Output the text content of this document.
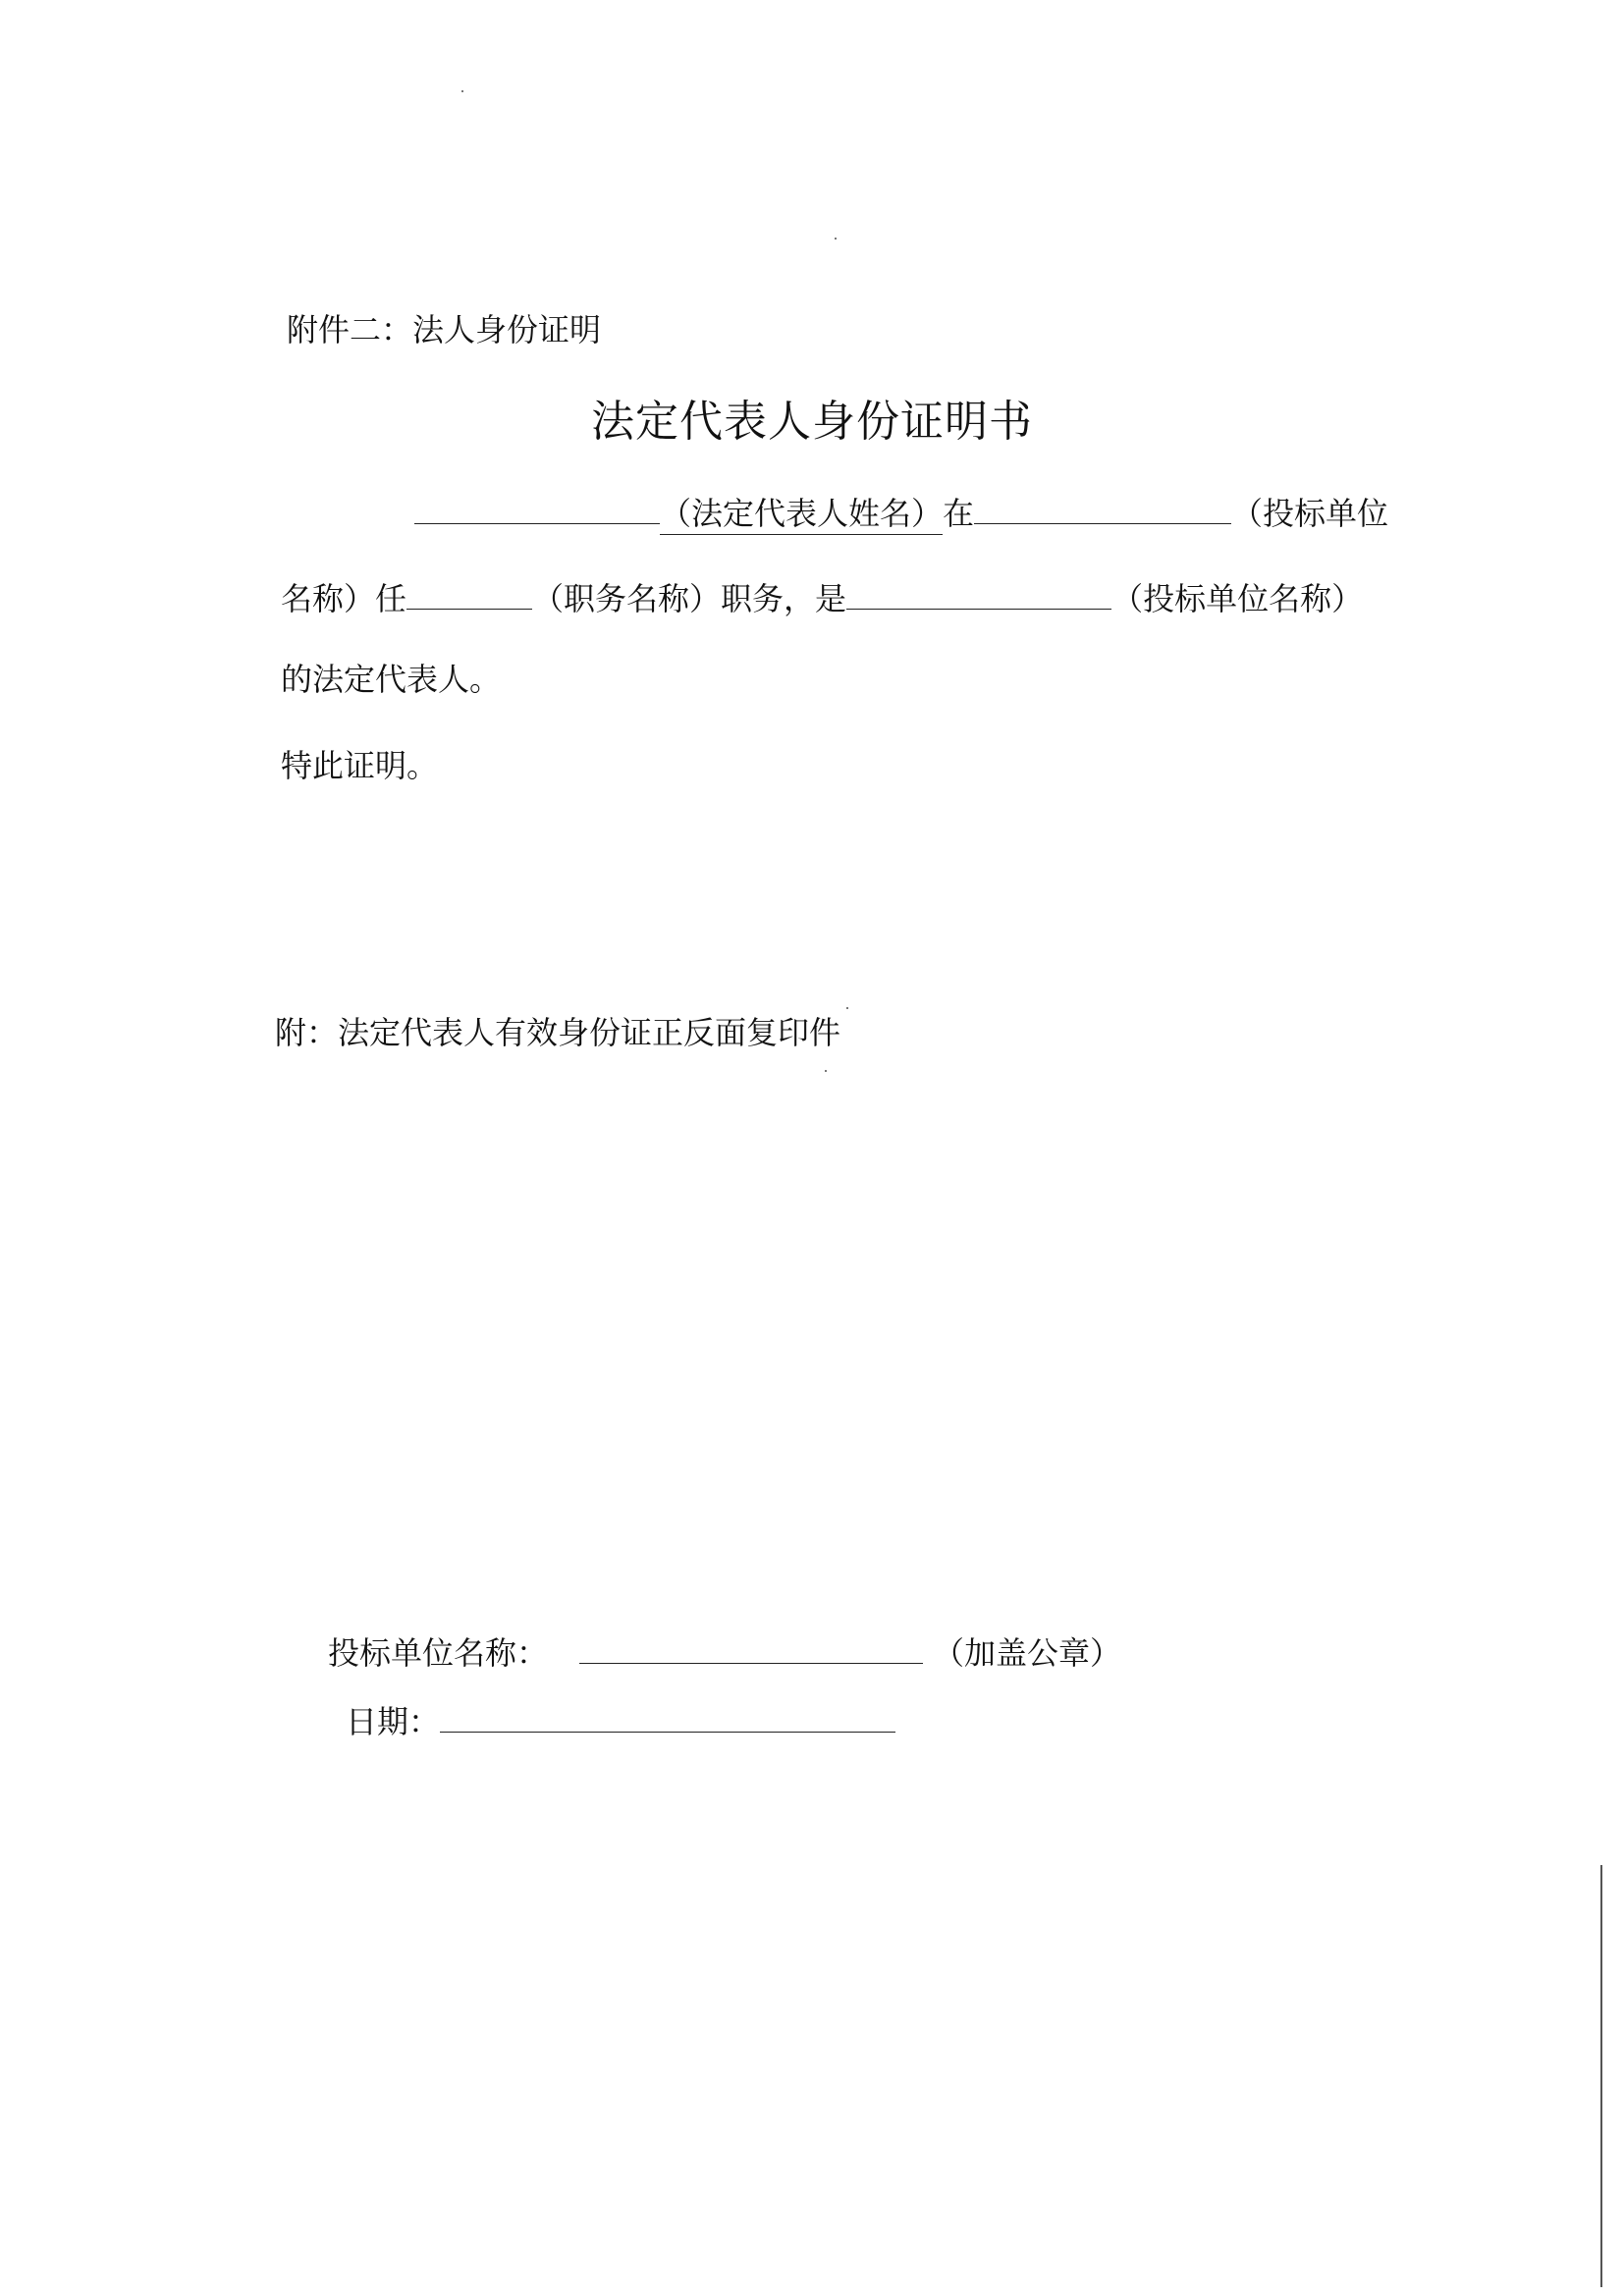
附件二：法人身份证明
法定代表人身份证明书
（法定代表人姓名）在	（投标单位
名称）任	（职务名称）职务，是	（投标单位名称）
的法定代表人。
特此证明。
附：法定代表人有效身份证正反面复印件
投标单位名称：	（加盖公章）
日期：
